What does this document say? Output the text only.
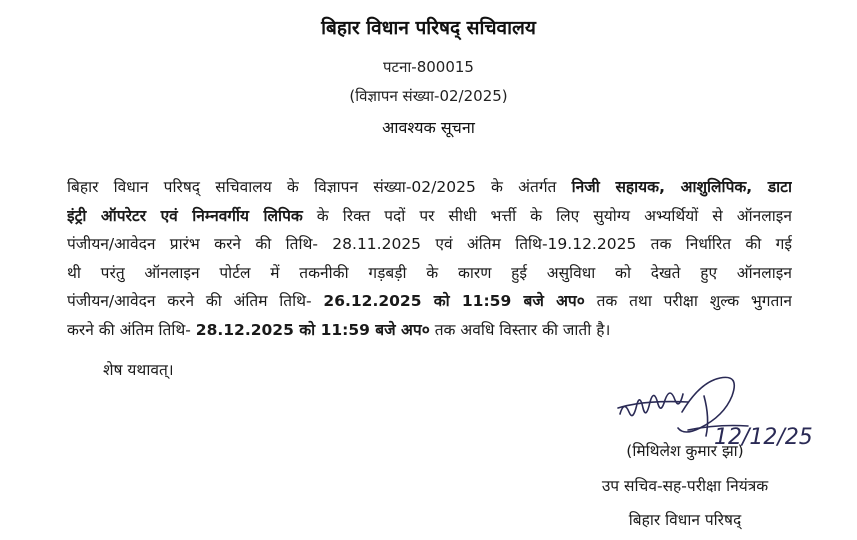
बिहार विधान परिषद् सचिवालय
पटना-800015
(विज्ञापन संख्या-02/2025)
आवश्यक सूचना
बिहार विधान परिषद् सचिवालय के विज्ञापन संख्या-02/2025 के अंतर्गत निजी सहायक, आशुलिपिक, डाटा
इंट्री ऑपरेटर एवं निम्नवर्गीय लिपिक के रिक्त पदों पर सीधी भर्त्ती के लिए सुयोग्य अभ्यर्थियों से ऑनलाइन
पंजीयन/आवेदन प्रारंभ करने की तिथि- 28.11.2025 एवं अंतिम तिथि-19.12.2025 तक निर्धारित की गई
थी परंतु ऑनलाइन पोर्टल में तकनीकी गड़बड़ी के कारण हुई असुविधा को देखते हुए ऑनलाइन
पंजीयन/आवेदन करने की अंतिम तिथि- 26.12.2025 को 11:59 बजे अप० तक तथा परीक्षा शुल्क भुगतान
करने की अंतिम तिथि- 28.12.2025 को 11:59 बजे अप० तक अवधि विस्तार की जाती है।
शेष यथावत्।
12/12/25
(मिथिलेश कुमार झा)
उप सचिव-सह-परीक्षा नियंत्रक
बिहार विधान परिषद्
